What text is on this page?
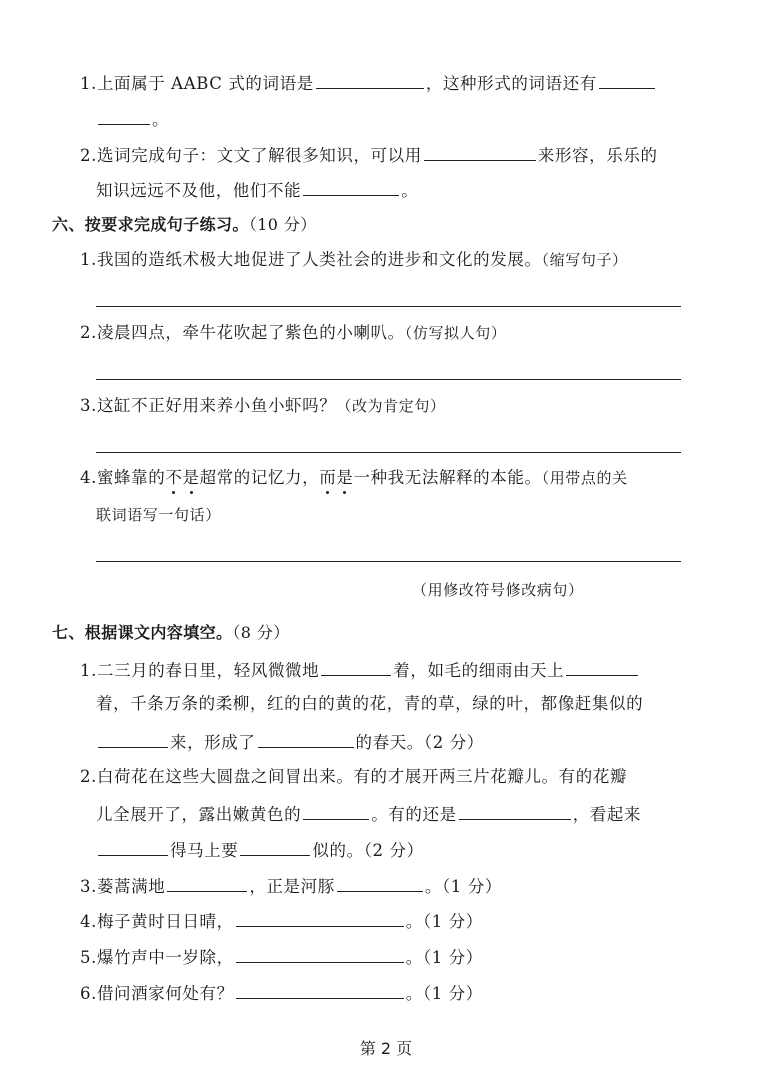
1.上面属于 AABC 式的词语是	，这种形式的词语还有
。
2.选词完成句子：文文了解很多知识，可以用	来形容，乐乐的
知识远远不及他，他们不能	。
六、按要求完成句子练习。（10 分）
1.我国的造纸术极大地促进了人类社会的进步和文化的发展。（缩写句子）
2.凌晨四点，牵牛花吹起了紫色的小喇叭。（仿写拟人句）
3.这缸不正好用来养小鱼小虾吗？（改为肯定句）
4.蜜蜂靠的不是超常的记忆力，而是一种我无法解释的本能。（用带点的关
联词语写一句话）
（用修改符号修改病句）
七、根据课文内容填空。（8 分）
1.二三月的春日里，轻风微微地	着，如毛的细雨由天上
着，千条万条的柔柳，红的白的黄的花，青的草，绿的叶，都像赶集似的
来，形成了	的春天。（2 分）
2.白荷花在这些大圆盘之间冒出来。有的才展开两三片花瓣儿。有的花瓣
儿全展开了，露出嫩黄色的	。有的还是	，看起来
得马上要	似的。（2 分）
3.蒌蒿满地	，正是河豚	。（1 分）
4.梅子黄时日日晴，	。（1 分）
5.爆竹声中一岁除，	。（1 分）
6.借问酒家何处有？	。（1 分）
第 2 页
